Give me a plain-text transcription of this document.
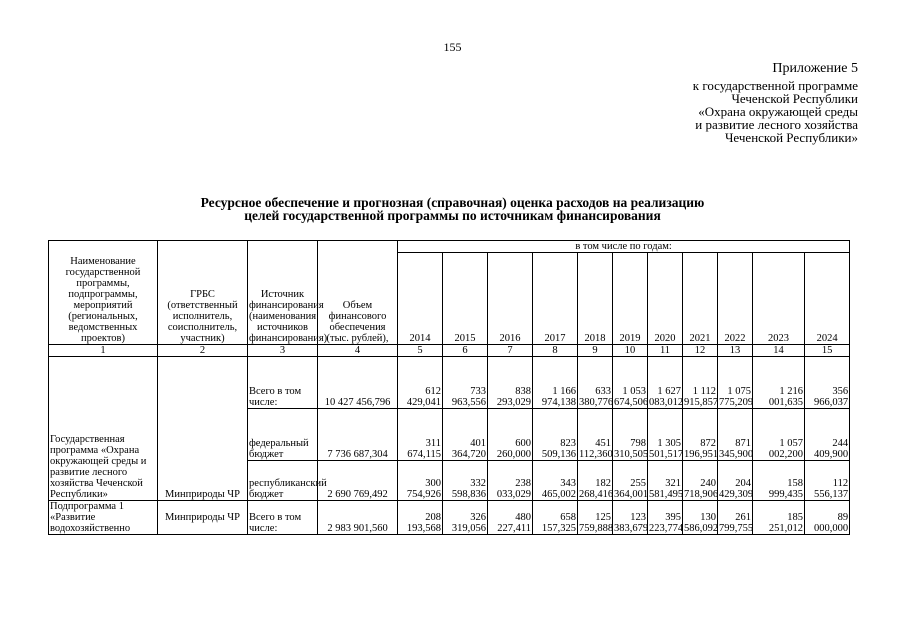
155
Приложение 5
к государственной программе
Чеченской Республики
«Охрана окружающей среды
и развитие лесного хозяйства
Чеченской Республики»
Ресурсное обеспечение и прогнозная (справочная) оценка расходов на реализацию
целей государственной программы по источникам финансирования
Наименование государственной программы, подпрограммы, мероприятий (региональных, ведомственных проектов)	ГРБС (ответственный исполнитель, соисполнитель, участник)	Источник финансирования (наименования источников финансирования)	Объем финансового обеспечения (тыс. рублей),	в том числе по годам:										
				2014	2015	2016	2017	2018	2019	2020	2021	2022	2023	2024
1	2	3	4	5	6	7	8	9	10	11	12	13	14	15
Государственная программа «Охрана окружающей среды и развитие лесного хозяйства Чеченской Республики»	Минприроды ЧР	Всего в том числе:	10 427 456,796	612 429,041	733 963,556	838 293,029	1 166 974,138	633 380,776	1 053 674,506	1 627 083,012	1 112 915,857	1 075 775,209	1 216 001,635	356 966,037
		федеральный бюджет	7 736 687,304	311 674,115	401 364,720	600 260,000	823 509,136	451 112,360	798 310,505	1 305 501,517	872 196,951	871 345,900	1 057 002,200	244 409,900
		республиканский бюджет	2 690 769,492	300 754,926	332 598,836	238 033,029	343 465,002	182 268,416	255 364,001	321 581,495	240 718,906	204 429,309	158 999,435	112 556,137
Подпрограмма 1 «Развитие водохозяйственно	Минприроды ЧР	Всего в том числе:	2 983 901,560	208 193,568	326 319,056	480 227,411	658 157,325	125 759,888	123 383,679	395 223,774	130 586,092	261 799,755	185 251,012	89 000,000
